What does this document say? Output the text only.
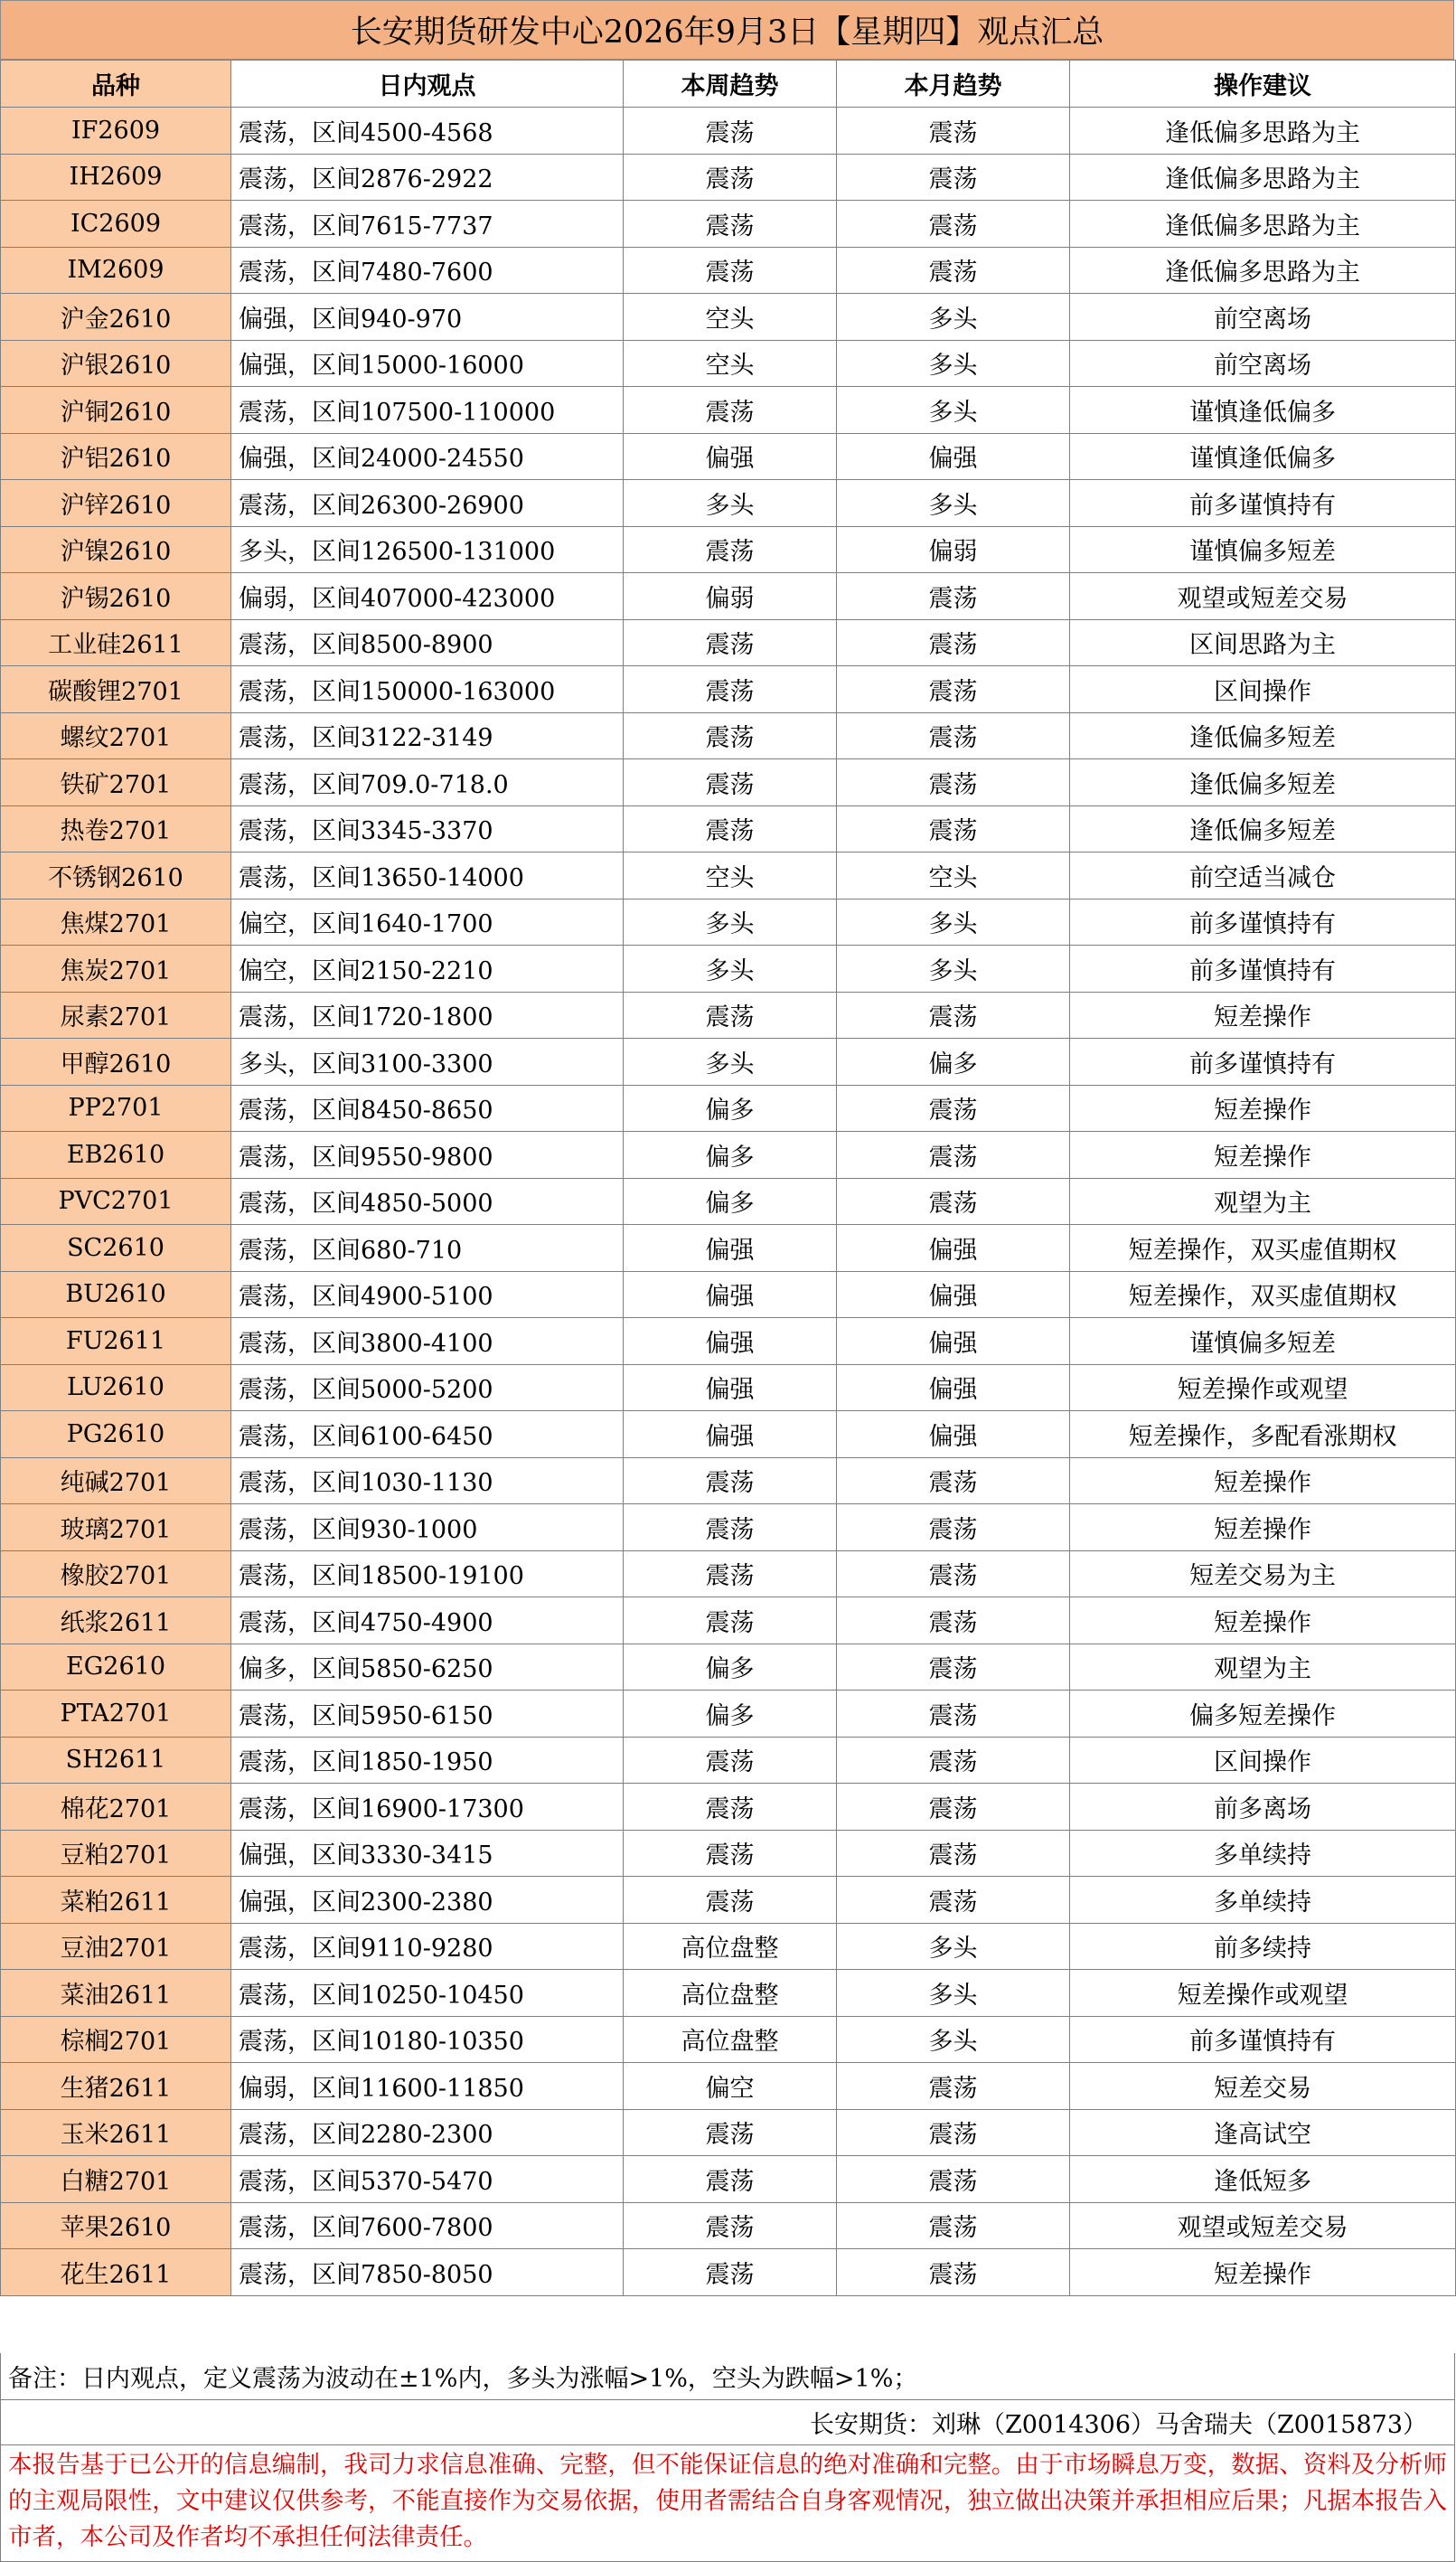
长安期货研发中心2026年9月3日【星期四】观点汇总
品种	日内观点	本周趋势	本月趋势	操作建议
IF2609	震荡，区间4500-4568	震荡	震荡	逢低偏多思路为主
IH2609	震荡，区间2876-2922	震荡	震荡	逢低偏多思路为主
IC2609	震荡，区间7615-7737	震荡	震荡	逢低偏多思路为主
IM2609	震荡，区间7480-7600	震荡	震荡	逢低偏多思路为主
沪金2610	偏强，区间940-970	空头	多头	前空离场
沪银2610	偏强，区间15000-16000	空头	多头	前空离场
沪铜2610	震荡，区间107500-110000	震荡	多头	谨慎逢低偏多
沪铝2610	偏强，区间24000-24550	偏强	偏强	谨慎逢低偏多
沪锌2610	震荡，区间26300-26900	多头	多头	前多谨慎持有
沪镍2610	多头，区间126500-131000	震荡	偏弱	谨慎偏多短差
沪锡2610	偏弱，区间407000-423000	偏弱	震荡	观望或短差交易
工业硅2611	震荡，区间8500-8900	震荡	震荡	区间思路为主
碳酸锂2701	震荡，区间150000-163000	震荡	震荡	区间操作
螺纹2701	震荡，区间3122-3149	震荡	震荡	逢低偏多短差
铁矿2701	震荡，区间709.0-718.0	震荡	震荡	逢低偏多短差
热卷2701	震荡，区间3345-3370	震荡	震荡	逢低偏多短差
不锈钢2610	震荡，区间13650-14000	空头	空头	前空适当减仓
焦煤2701	偏空，区间1640-1700	多头	多头	前多谨慎持有
焦炭2701	偏空，区间2150-2210	多头	多头	前多谨慎持有
尿素2701	震荡，区间1720-1800	震荡	震荡	短差操作
甲醇2610	多头，区间3100-3300	多头	偏多	前多谨慎持有
PP2701	震荡，区间8450-8650	偏多	震荡	短差操作
EB2610	震荡，区间9550-9800	偏多	震荡	短差操作
PVC2701	震荡，区间4850-5000	偏多	震荡	观望为主
SC2610	震荡，区间680-710	偏强	偏强	短差操作，双买虚值期权
BU2610	震荡，区间4900-5100	偏强	偏强	短差操作，双买虚值期权
FU2611	震荡，区间3800-4100	偏强	偏强	谨慎偏多短差
LU2610	震荡，区间5000-5200	偏强	偏强	短差操作或观望
PG2610	震荡，区间6100-6450	偏强	偏强	短差操作，多配看涨期权
纯碱2701	震荡，区间1030-1130	震荡	震荡	短差操作
玻璃2701	震荡，区间930-1000	震荡	震荡	短差操作
橡胶2701	震荡，区间18500-19100	震荡	震荡	短差交易为主
纸浆2611	震荡，区间4750-4900	震荡	震荡	短差操作
EG2610	偏多，区间5850-6250	偏多	震荡	观望为主
PTA2701	震荡，区间5950-6150	偏多	震荡	偏多短差操作
SH2611	震荡，区间1850-1950	震荡	震荡	区间操作
棉花2701	震荡，区间16900-17300	震荡	震荡	前多离场
豆粕2701	偏强，区间3330-3415	震荡	震荡	多单续持
菜粕2611	偏强，区间2300-2380	震荡	震荡	多单续持
豆油2701	震荡，区间9110-9280	高位盘整	多头	前多续持
菜油2611	震荡，区间10250-10450	高位盘整	多头	短差操作或观望
棕榈2701	震荡，区间10180-10350	高位盘整	多头	前多谨慎持有
生猪2611	偏弱，区间11600-11850	偏空	震荡	短差交易
玉米2611	震荡，区间2280-2300	震荡	震荡	逢高试空
白糖2701	震荡，区间5370-5470	震荡	震荡	逢低短多
苹果2610	震荡，区间7600-7800	震荡	震荡	观望或短差交易
花生2611	震荡，区间7850-8050	震荡	震荡	短差操作
备注：日内观点，定义震荡为波动在±1%内，多头为涨幅>1%，空头为跌幅>1%；
长安期货：刘琳（Z0014306）马舍瑞夫（Z0015873）
本报告基于已公开的信息编制，我司力求信息准确、完整，但不能保证信息的绝对准确和完整。由于市场瞬息万变，数据、资料及分析师的主观局限性，文中建议仅供参考，不能直接作为交易依据，使用者需结合自身客观情况，独立做出决策并承担相应后果；凡据本报告入市者，本公司及作者均不承担任何法律责任。
